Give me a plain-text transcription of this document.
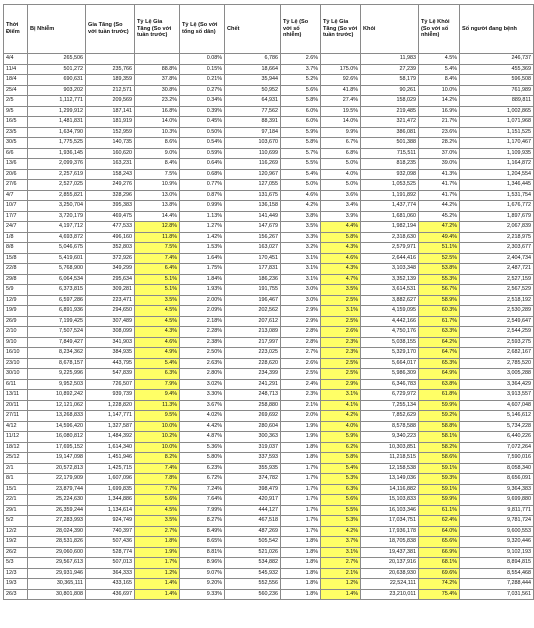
Thời Điểm	Bị Nhiễm	Gia Tăng (So với tuần trước)	Tỷ Lệ Gia Tăng (So với tuần trước)	Tỷ Lệ (So với tổng số dân)	Chết	Tỷ Lệ (So với số nhiễm)	Tỷ Lệ Gia Tăng (So với tuần trước)	Khỏi	Tỷ Lệ Khỏi (So với số nhiễm)	Số người đang bệnh
4/4	265,506			0.08%	6,786	2.6%		11,983	4.5%	246,737
11/4	501,272	235,766	88.8%	0.15%	18,664	3.7%	175.0%	27,239	5.4%	455,369
18/4	690,631	189,359	37.8%	0.21%	35,944	5.2%	92.6%	58,179	8.4%	596,508
25/4	903,202	212,571	30.8%	0.27%	50,952	5.6%	41.8%	90,261	10.0%	761,989
2/5	1,112,771	209,569	23.2%	0.34%	64,931	5.8%	27.4%	158,029	14.2%	889,811
9/5	1,299,912	187,141	16.8%	0.39%	77,562	6.0%	19.5%	219,485	16.9%	1,002,865
16/5	1,481,831	181,919	14.0%	0.45%	88,391	6.0%	14.0%	321,472	21.7%	1,071,968
23/5	1,634,790	152,959	10.3%	0.50%	97,184	5.9%	9.9%	386,081	23.6%	1,151,525
30/5	1,775,525	140,735	8.6%	0.54%	103,670	5.8%	6.7%	501,388	28.2%	1,170,467
6/6	1,936,145	160,620	9.0%	0.59%	110,699	5.7%	6.8%	715,511	37.0%	1,109,935
13/6	2,099,376	163,231	8.4%	0.64%	116,269	5.5%	5.0%	818,235	39.0%	1,164,872
20/6	2,257,619	158,243	7.5%	0.68%	120,967	5.4%	4.0%	932,098	41.3%	1,204,554
27/6	2,527,025	249,276	10.9%	0.77%	127,055	5.0%	5.0%	1,053,525	41.7%	1,346,445
4/7	2,855,821	328,296	13.0%	0.87%	131,675	4.6%	3.6%	1,191,892	41.7%	1,531,754
10/7	3,250,704	395,383	13.8%	0.99%	136,158	4.2%	3.4%	1,437,774	44.2%	1,676,772
17/7	3,720,179	469,475	14.4%	1.13%	141,449	3.8%	3.9%	1,681,060	45.2%	1,897,679
24/7	4,197,712	477,533	12.8%	1.27%	147,679	3.5%	4.4%	1,982,194	47.2%	2,067,839
1/8	4,693,872	496,160	11.8%	1.42%	156,267	3.3%	5.8%	2,318,630	49.4%	2,218,975
8/8	5,046,675	352,803	7.5%	1.53%	163,027	3.2%	4.3%	2,579,971	51.1%	2,303,677
15/8	5,419,601	372,926	7.4%	1.64%	170,451	3.1%	4.6%	2,644,416	52.5%	2,404,734
22/8	5,768,900	349,299	6.4%	1.75%	177,831	3.1%	4.3%	3,103,348	53.8%	2,487,721
29/8	6,064,534	295,634	5.1%	1.84%	186,236	3.1%	4.7%	3,352,139	55.3%	2,527,159
5/9	6,373,815	309,281	5.1%	1.93%	191,755	3.0%	3.5%	3,614,531	56.7%	2,567,529
12/9	6,597,286	223,471	3.5%	2.00%	196,467	3.0%	2.5%	3,882,627	58.9%	2,518,192
19/9	6,891,936	294,650	4.5%	2.09%	202,562	2.9%	3.1%	4,159,095	60.3%	2,530,289
26/9	7,199,425	307,489	4.5%	2.18%	207,612	2.9%	2.5%	4,442,166	61.7%	2,549,647
2/10	7,507,524	308,099	4.3%	2.28%	213,089	2.8%	2.6%	4,750,176	63.3%	2,544,259
9/10	7,849,427	341,903	4.6%	2.38%	217,997	2.8%	2.3%	5,038,155	64.2%	2,593,275
16/10	8,234,362	384,935	4.9%	2.50%	223,025	2.7%	2.3%	5,329,170	64.7%	2,682,167
23/10	8,678,157	443,795	5.4%	2.63%	228,620	2.6%	2.5%	5,664,017	65.3%	2,785,520
30/10	9,225,996	547,839	6.3%	2.80%	234,399	2.5%	2.5%	5,986,309	64.9%	3,005,288
6/11	9,952,503	726,507	7.9%	3.02%	241,291	2.4%	2.9%	6,346,783	63.8%	3,364,429
13/11	10,892,242	939,739	9.4%	3.30%	248,713	2.3%	3.1%	6,729,972	61.8%	3,913,557
20/11	12,121,062	1,228,820	11.3%	3.67%	258,880	2.1%	4.1%	7,255,134	59.9%	4,607,048
27/11	13,268,833	1,147,771	9.5%	4.02%	269,692	2.0%	4.2%	7,852,629	59.2%	5,146,612
4/12	14,596,420	1,327,587	10.0%	4.42%	280,604	1.9%	4.0%	8,578,588	58.8%	5,734,228
11/12	16,080,812	1,484,392	10.2%	4.87%	300,363	1.9%	5.9%	9,340,223	58.1%	6,440,226
18/12	17,695,152	1,614,340	10.0%	5.36%	319,037	1.8%	6.2%	10,303,851	58.2%	7,072,264
25/12	19,147,098	1,451,946	8.2%	5.80%	337,593	1.8%	5.8%	11,218,515	58.6%	7,590,016
2/1	20,572,813	1,425,715	7.4%	6.23%	355,935	1.7%	5.4%	12,158,538	59.1%	8,058,340
8/1	22,179,909	1,607,096	7.8%	6.72%	374,782	1.7%	5.3%	13,149,036	59.3%	8,656,091
15/1	23,879,744	1,699,835	7.7%	7.24%	398,479	1.7%	6.3%	14,116,882	59.1%	9,364,383
22/1	25,224,630	1,344,886	5.6%	7.64%	420,917	1.7%	5.6%	15,103,833	59.9%	9,699,880
29/1	26,359,244	1,134,614	4.5%	7.99%	444,127	1.7%	5.5%	16,103,346	61.1%	9,811,771
5/2	27,283,993	924,749	3.5%	8.27%	467,518	1.7%	5.3%	17,034,751	62.4%	9,781,724
12/2	28,024,390	740,397	2.7%	8.49%	487,269	1.7%	4.2%	17,936,178	64.0%	9,600,553
19/2	28,531,826	507,436	1.8%	8.65%	505,542	1.8%	3.7%	18,705,838	65.6%	9,320,446
26/2	29,060,600	528,774	1.9%	8.81%	521,026	1.8%	3.1%	19,437,381	66.9%	9,102,193
5/3	29,567,613	507,013	1.7%	8.96%	534,882	1.8%	2.7%	20,137,916	68.1%	8,894,815
12/3	29,931,946	364,333	1.2%	9.07%	545,932	1.8%	2.1%	20,638,930	69.6%	8,554,468
19/3	30,365,111	433,165	1.4%	9.20%	552,556	1.8%	1.2%	22,524,111	74.2%	7,288,444
26/3	30,801,808	436,697	1.4%	9.33%	560,236	1.8%	1.4%	23,210,011	75.4%	7,031,561
